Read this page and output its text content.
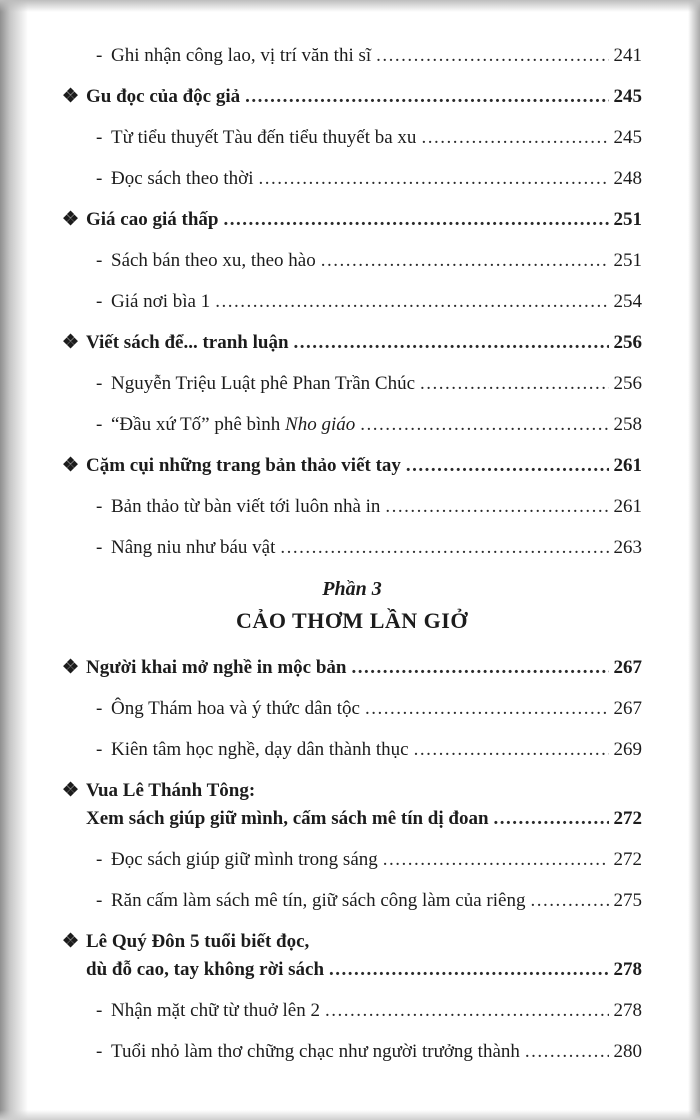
- Ghi nhận công lao, vị trí văn thi sĩ .....	241
❖ Gu đọc của độc giả .....	245
- Từ tiểu thuyết Tàu đến tiểu thuyết ba xu .....	245
- Đọc sách theo thời .....	248
❖ Giá cao giá thấp .....	251
- Sách bán theo xu, theo hào .....	251
- Giá nơi bìa 1 .....	254
❖ Viết sách để... tranh luận .....	256
- Nguyễn Triệu Luật phê Phan Trần Chúc .....	256
- “Đầu xứ Tố” phê bình Nho giáo .....	258
❖ Cặm cụi những trang bản thảo viết tay .....	261
- Bản thảo từ bàn viết tới luôn nhà in .....	261
- Nâng niu như báu vật .....	263
Phần 3
CẢO THƠM LẦN GIỞ
❖ Người khai mở nghề in mộc bản .....	267
- Ông Thám hoa và ý thức dân tộc .....	267
- Kiên tâm học nghề, dạy dân thành thục .....	269
❖ Vua Lê Thánh Tông:
Xem sách giúp giữ mình, cấm sách mê tín dị đoan .....	272
- Đọc sách giúp giữ mình trong sáng .....	272
- Răn cấm làm sách mê tín, giữ sách công làm của riêng .....	275
❖ Lê Quý Đôn 5 tuổi biết đọc,
dù đỗ cao, tay không rời sách .....	278
- Nhận mặt chữ từ thuở lên 2 .....	278
- Tuổi nhỏ làm thơ chững chạc như người trưởng thành .....	280
